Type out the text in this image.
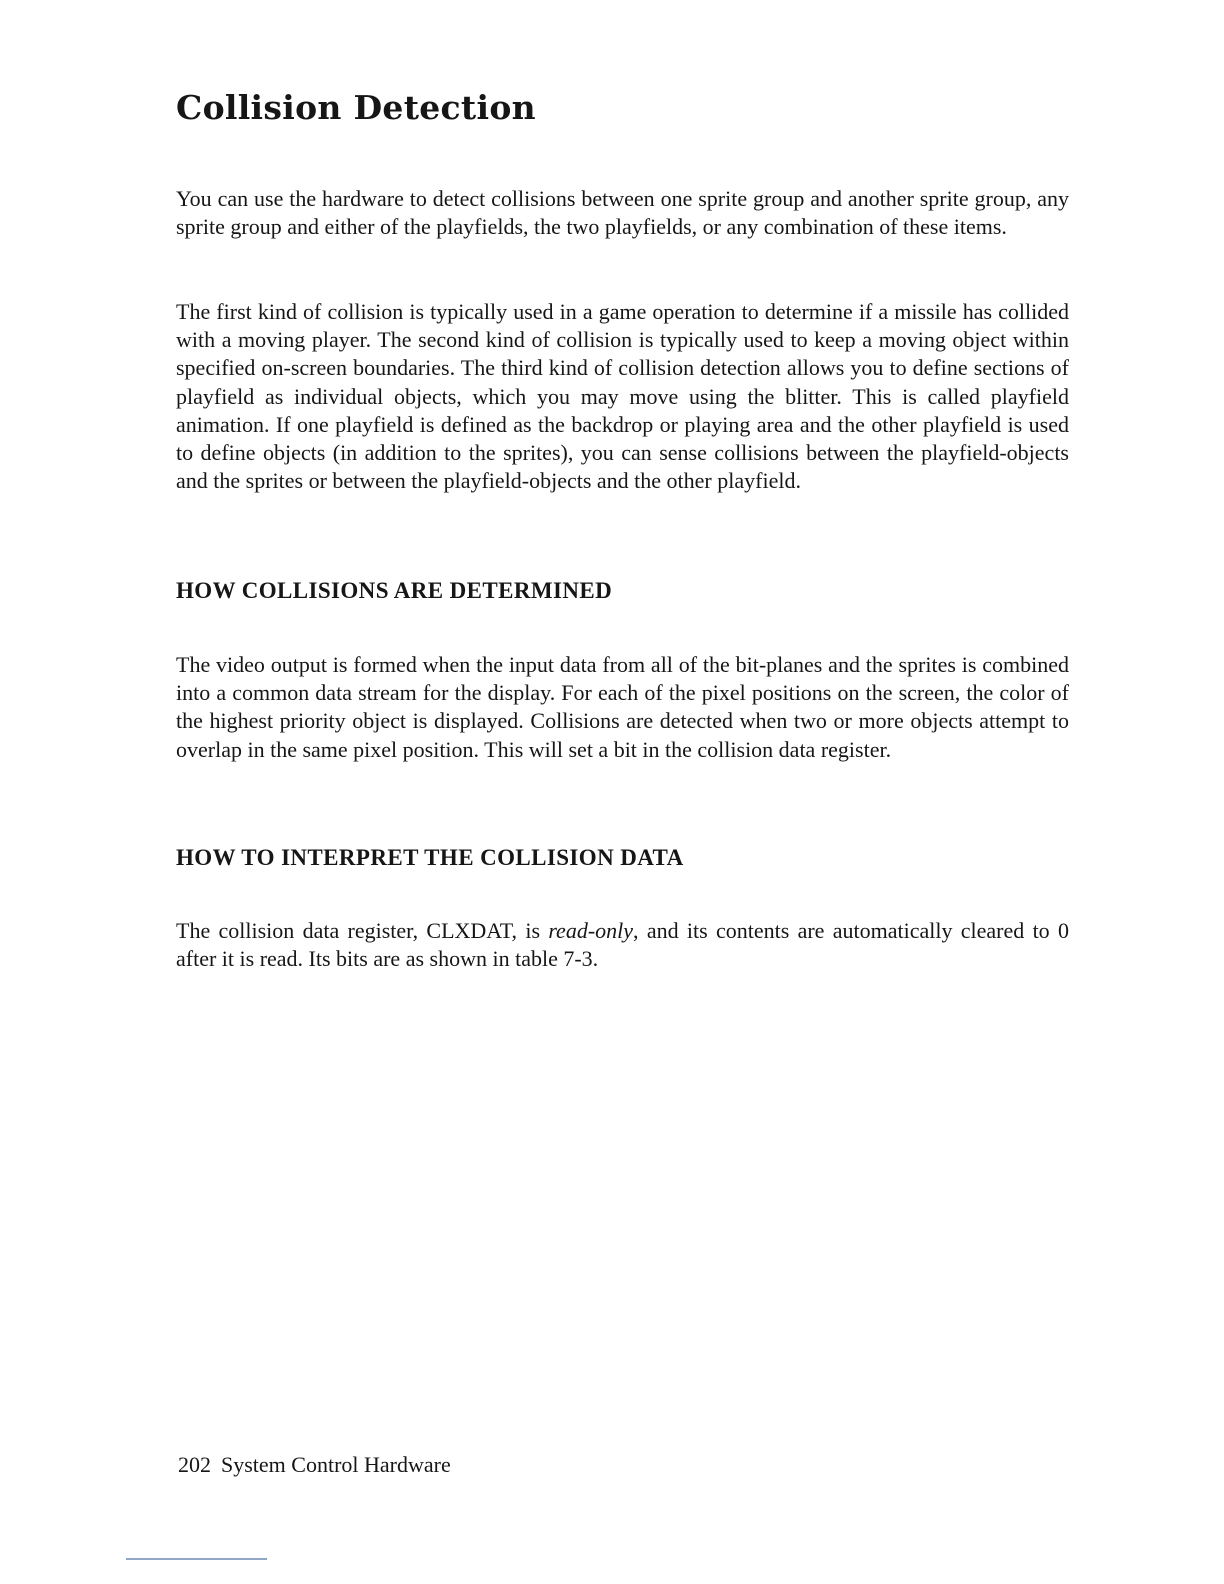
Collision Detection

You can use the hardware to detect collisions between one sprite group and another sprite group, any sprite group and either of the playfields, the two playfields, or any combination of these items.

The first kind of collision is typically used in a game operation to determine if a missile has collided with a moving player. The second kind of collision is typically used to keep a moving object within specified on-screen boundaries. The third kind of collision detection allows you to define sections of playfield as individual objects, which you may move using the blitter. This is called playfield animation. If one playfield is defined as the backdrop or playing area and the other playfield is used to define objects (in addition to the sprites), you can sense collisions between the playfield-objects and the sprites or between the playfield-objects and the other playfield.

HOW COLLISIONS ARE DETERMINED

The video output is formed when the input data from all of the bit-planes and the sprites is combined into a common data stream for the display. For each of the pixel positions on the screen, the color of the highest priority object is displayed. Collisions are detected when two or more objects attempt to overlap in the same pixel position. This will set a bit in the collision data register.

HOW TO INTERPRET THE COLLISION DATA

The collision data register, CLXDAT, is read-only, and its contents are automatically cleared to 0 after it is read. Its bits are as shown in table 7-3.

202 System Control Hardware
